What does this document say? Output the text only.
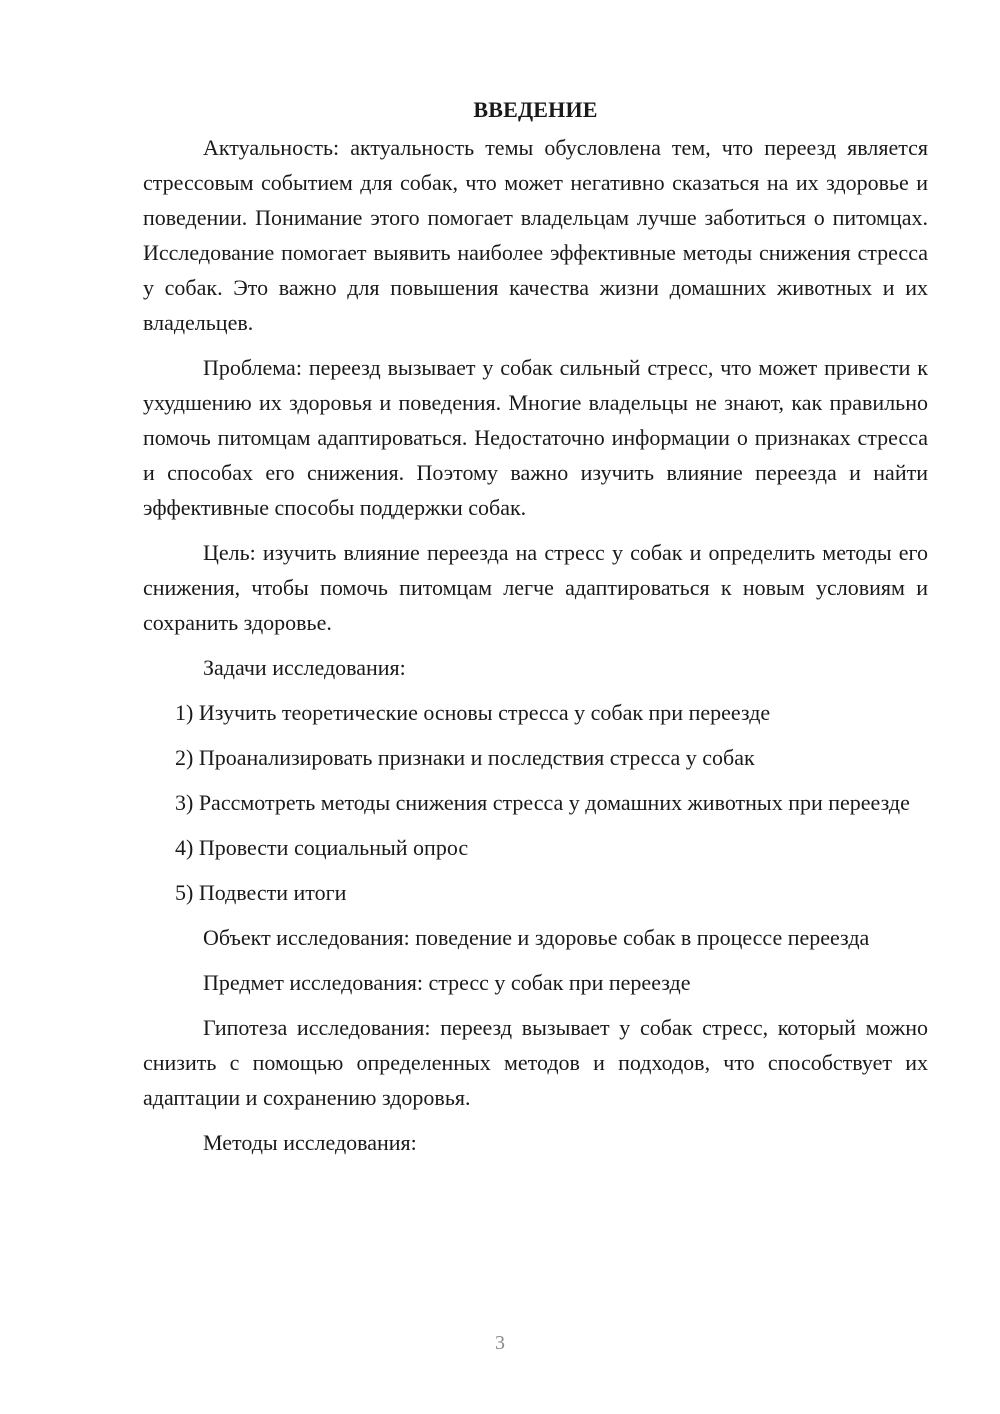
ВВЕДЕНИЕ

Актуальность: актуальность темы обусловлена тем, что переезд является стрессовым событием для собак, что может негативно сказаться на их здоровье и поведении. Понимание этого помогает владельцам лучше заботиться о питомцах. Исследование помогает выявить наиболее эффективные методы снижения стресса у собак. Это важно для повышения качества жизни домашних животных и их владельцев.

Проблема: переезд вызывает у собак сильный стресс, что может привести к ухудшению их здоровья и поведения. Многие владельцы не знают, как правильно помочь питомцам адаптироваться. Недостаточно информации о признаках стресса и способах его снижения. Поэтому важно изучить влияние переезда и найти эффективные способы поддержки собак.

Цель: изучить влияние переезда на стресс у собак и определить методы его снижения, чтобы помочь питомцам легче адаптироваться к новым условиям и сохранить здоровье.

Задачи исследования:

1) Изучить теоретические основы стресса у собак при переезде

2) Проанализировать признаки и последствия стресса у собак

3) Рассмотреть методы снижения стресса у домашних животных при переезде

4) Провести социальный опрос

5) Подвести итоги

Объект исследования: поведение и здоровье собак в процессе переезда

Предмет исследования: стресс у собак при переезде

Гипотеза исследования: переезд вызывает у собак стресс, который можно снизить с помощью определенных методов и подходов, что способствует их адаптации и сохранению здоровья.

Методы исследования:

3
